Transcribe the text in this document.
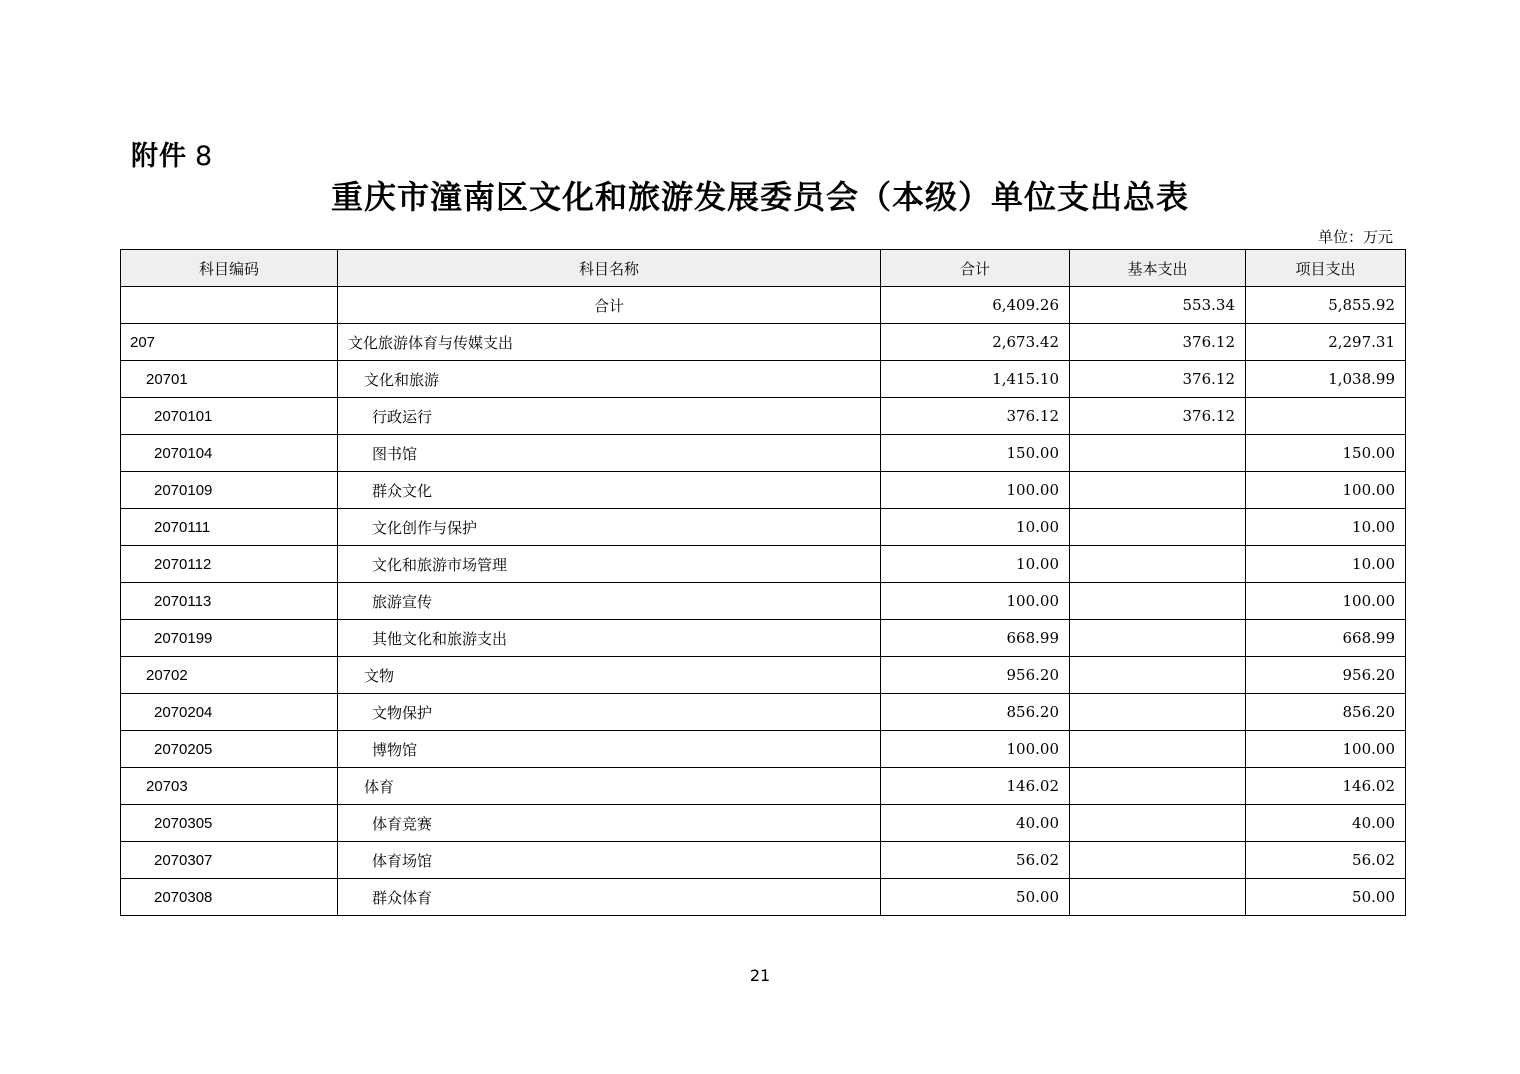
附件 8
重庆市潼南区文化和旅游发展委员会（本级）单位支出总表
单位：万元
科目编码	科目名称	合计	基本支出	项目支出
	合计	6,409.26	553.34	5,855.92
207	文化旅游体育与传媒支出	2,673.42	376.12	2,297.31
20701	文化和旅游	1,415.10	376.12	1,038.99
2070101	行政运行	376.12	376.12	
2070104	图书馆	150.00		150.00
2070109	群众文化	100.00		100.00
2070111	文化创作与保护	10.00		10.00
2070112	文化和旅游市场管理	10.00		10.00
2070113	旅游宣传	100.00		100.00
2070199	其他文化和旅游支出	668.99		668.99
20702	文物	956.20		956.20
2070204	文物保护	856.20		856.20
2070205	博物馆	100.00		100.00
20703	体育	146.02		146.02
2070305	体育竞赛	40.00		40.00
2070307	体育场馆	56.02		56.02
2070308	群众体育	50.00		50.00
21
